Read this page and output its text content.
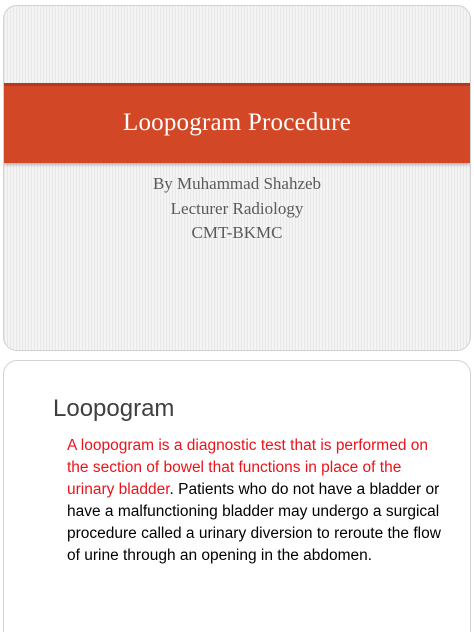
Loopogram Procedure
By Muhammad Shahzeb
Lecturer Radiology
CMT-BKMC
Loopogram

A loopogram is a diagnostic test that is performed on the section of bowel that functions in place of the urinary bladder. Patients who do not have a bladder or have a malfunctioning bladder may undergo a surgical procedure called a urinary diversion to reroute the flow of urine through an opening in the abdomen.
